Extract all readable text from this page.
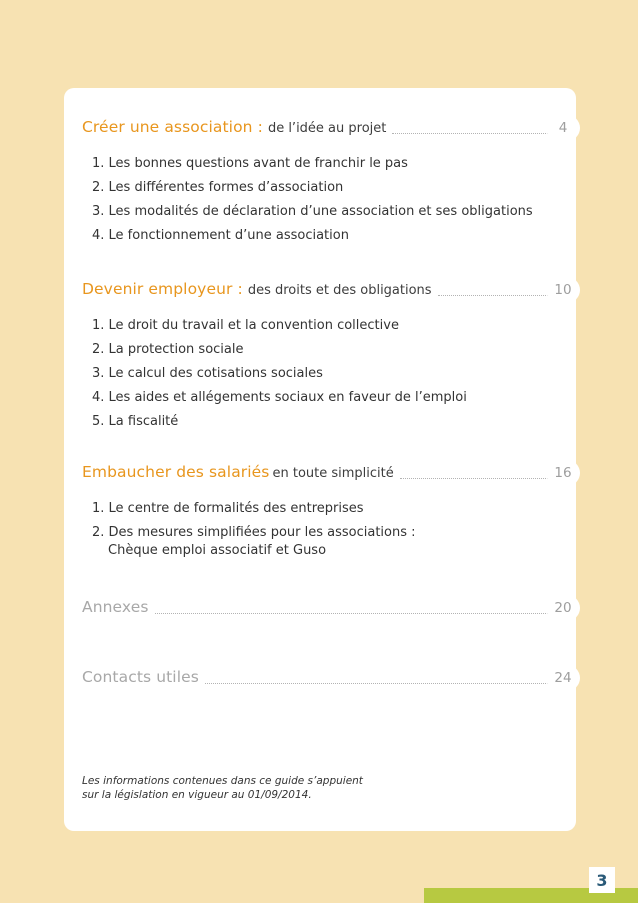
Créer une association : de l’idée au projet	4
1. Les bonnes questions avant de franchir le pas
2. Les différentes formes d’association
3. Les modalités de déclaration d’une association et ses obligations
4. Le fonctionnement d’une association
Devenir employeur : des droits et des obligations	10
1. Le droit du travail et la convention collective
2. La protection sociale
3. Le calcul des cotisations sociales
4. Les aides et allégements sociaux en faveur de l’emploi
5. La fiscalité
Embaucher des salariés en toute simplicité	16
1. Le centre de formalités des entreprises
2. Des mesures simplifiées pour les associations :
Chèque emploi associatif et Guso
Annexes	20
Contacts utiles	24
Les informations contenues dans ce guide s’appuient
sur la législation en vigueur au 01/09/2014.
3
